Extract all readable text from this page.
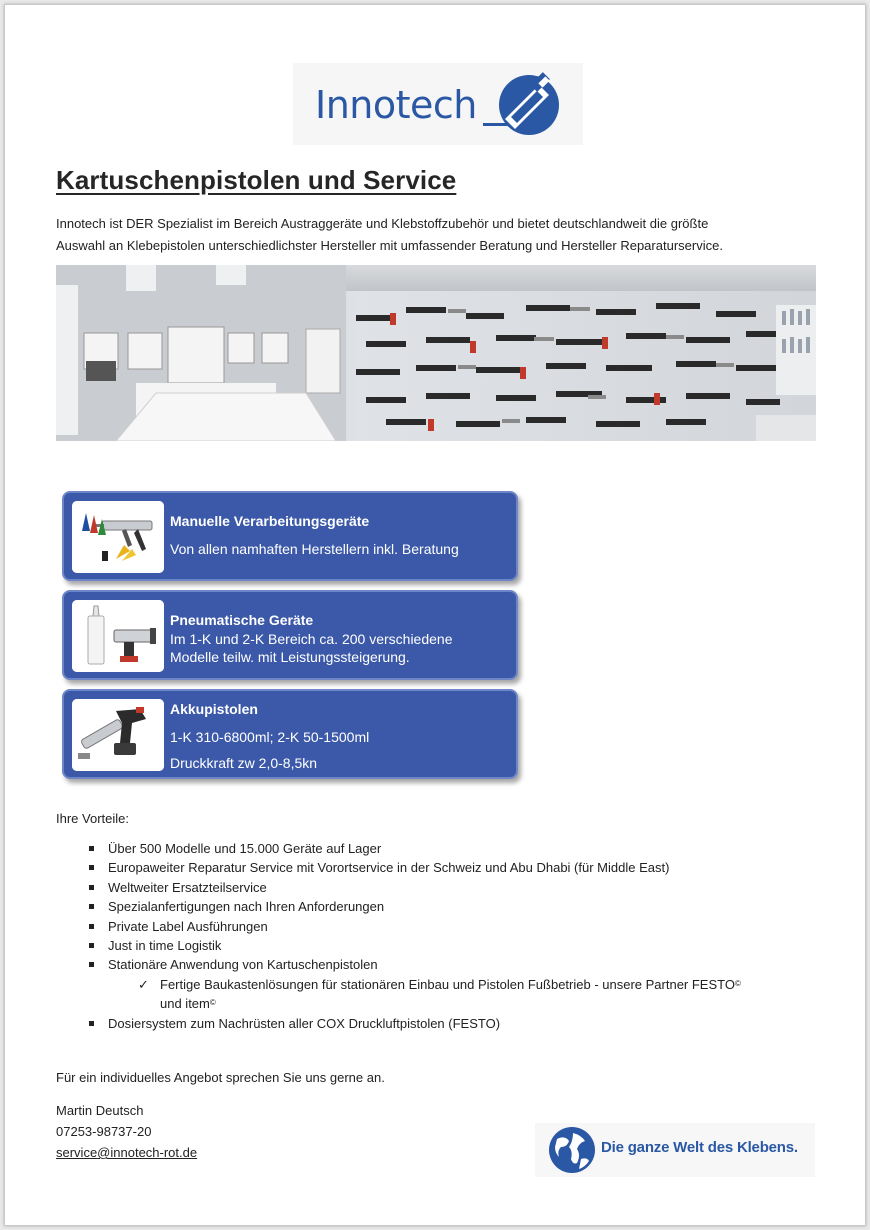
Innotech
Kartuschenpistolen und Service
Innotech ist DER Spezialist im Bereich Austraggeräte und Klebstoffzubehör und bietet deutschlandweit die größte
Auswahl an Klebepistolen unterschiedlichster Hersteller mit umfassender Beratung und Hersteller Reparaturservice.
Manuelle Verarbeitungsgeräte
Von allen namhaften Herstellern inkl. Beratung
Pneumatische Geräte
Im 1-K und 2-K Bereich ca. 200 verschiedene
Modelle teilw. mit Leistungssteigerung.
Akkupistolen
1-K 310-6800ml; 2-K 50-1500ml
Druckkraft zw 2,0-8,5kn
Ihre Vorteile:
Über 500 Modelle und 15.000 Geräte auf Lager
Europaweiter Reparatur Service mit Vorortservice in der Schweiz und Abu Dhabi (für Middle East)
Weltweiter Ersatzteilservice
Spezialanfertigungen nach Ihren Anforderungen
Private Label Ausführungen
Just in time Logistik
Stationäre Anwendung von Kartuschenpistolen
✓ Fertige Baukastenlösungen für stationären Einbau und Pistolen Fußbetrieb - unsere Partner FESTO©
und item©
Dosiersystem zum Nachrüsten aller COX Druckluftpistolen (FESTO)
Für ein individuelles Angebot sprechen Sie uns gerne an.
Martin Deutsch
07253-98737-20
service@innotech-rot.de	Die ganze Welt des Klebens.
